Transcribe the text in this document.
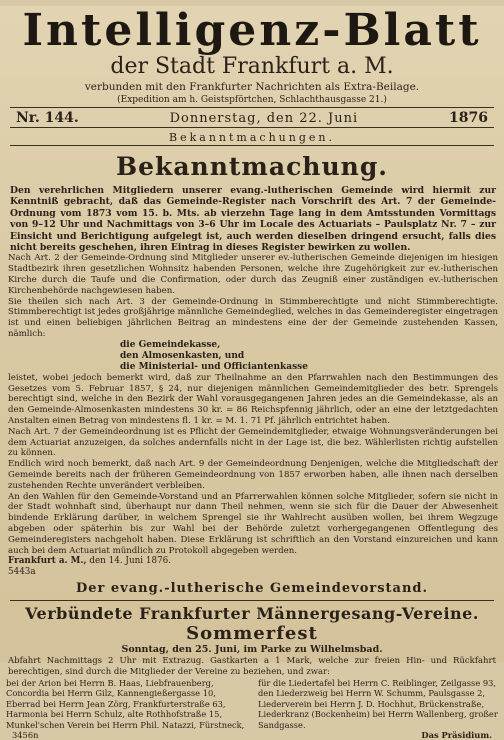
Intelligenz-Blatt
der Stadt Frankfurt a. M.
verbunden mit den Frankfurter Nachrichten als Extra-Beilage.
(Expedition am h. Geistspförtchen, Schlachthausgasse 21.)
Nr. 144.	Donnerstag, den 22. Juni	1876
Bekanntmachungen.
Bekanntmachung.
Den verehrlichen Mitgliedern unserer evang.-lutherischen Gemeinde wird hiermit zur Kenntniß gebracht, daß das Gemeinde-Register nach Vorschrift des Art. 7 der Gemeinde-Ordnung vom 1873 vom 15. b. Mts. ab vierzehn Tage lang in dem Amtsstunden Vormittags von 9–12 Uhr und Nachmittags von 3–6 Uhr im Locale des Actuariats – Paulsplatz Nr. 7 – zur Einsicht und Berichtigung aufgelegt ist, auch werden dieselben dringend ersucht, falls dies nicht bereits geschehen, ihren Eintrag in dieses Register bewirken zu wollen.
Nach Art. 2 der Gemeinde-Ordnung sind Mitglieder unserer ev.-lutherischen Gemeinde diejenigen im hiesigen Stadtbezirk ihren gesetzlichen Wohnsitz habenden Personen, welche ihre Zugehörigkeit zur ev.-lutherischen Kirche durch die Taufe und die Confirmation, oder durch das Zeugniß einer zuständigen ev.-lutherischen Kirchenbehörde nachgewiesen haben.
Sie theilen sich nach Art. 3 der Gemeinde-Ordnung in Stimmberechtigte und nicht Stimmberechtigte. Stimmberechtigt ist jedes großjährige männliche Gemeindeglied, welches in das Gemeinderegister eingetragen ist und einen beliebigen jährlichen Beitrag an mindestens eine der der Gemeinde zustehenden Kassen, nämlich:
die Gemeindekasse,
den Almosenkasten, und
die Ministerial- und Officiantenkasse
leistet, wobei jedoch bemerkt wird, daß zur Theilnahme an den Pfarrwahlen nach den Bestimmungen des Gesetzes vom 5. Februar 1857, § 24, nur diejenigen männlichen Gemeindemitglieder des betr. Sprengels berechtigt sind, welche in den Bezirk der Wahl vorausgegangenen Jahren jedes an die Gemeindekasse, als an den Gemeinde-Almosenkasten mindestens 30 kr. = 86 Reichspfennig jährlich, oder an eine der letztgedachten Anstalten einen Betrag von mindestens fl. 1 kr. = M. 1. 71 Pf. jährlich entrichtet haben.
Nach Art. 7 der Gemeindeordnung ist es Pflicht der Gemeindemitglieder, etwaige Wohnungsveränderungen bei dem Actuariat anzuzeigen, da solches andernfalls nicht in der Lage ist, die bez. Wählerlisten richtig aufstellen zu können.
Endlich wird noch bemerkt, daß nach Art. 9 der Gemeindeordnung Denjenigen, welche die Mitgliedschaft der Gemeinde bereits nach der früheren Gemeindeordnung von 1857 erworben haben, alle ihnen nach derselben zustehenden Rechte unverändert verbleiben.
An den Wahlen für den Gemeinde-Vorstand und an Pfarrerwahlen können solche Mitglieder, sofern sie nicht in der Stadt wohnhaft sind, überhaupt nur dann Theil nehmen, wenn sie sich für die Dauer der Abwesenheit bindende Erklärung darüber, in welchem Sprengel sie ihr Wahlrecht ausüben wollen, bei ihrem Wegzuge abgeben oder späterhin bis zur Wahl bei der Behörde zuletzt vorhergegangenen Offentlegung des Gemeinderegisters nachgeholt haben. Diese Erklärung ist schriftlich an den Vorstand einzureichen und kann auch bei dem Actuariat mündlich zu Protokoll abgegeben werden.
Frankfurt a. M., den 14. Juni 1876.
5443a
Der evang.-lutherische Gemeindevorstand.
Verbündete Frankfurter Männergesang-Vereine.
Sommerfest
Sonntag, den 25. Juni, im Parke zu Wilhelmsbad.
Abfahrt Nachmittags 2 Uhr mit Extrazug. Gastkarten a 1 Mark, welche zur freien Hin- und Rückfahrt berechtigen, sind durch die Mitglieder der Vereine zu beziehen, und zwar:
bei der Arion bei Herrn B. Haas, Liebfrauenberg,
Concordia bei Herrn Gilz, Kannengießergasse 10,
Eberrad bei Herrn Jean Zörg, Frankfurterstraße 63,
Harmonia bei Herrn Schulz, alte Rothhofstraße 15,
Munkel'schen Verein bei Herrn Phil. Natazzi, Fürstneck,
für die Liedertafel bei Herrn C. Reiblinger, Zeilgasse 93,
den Liederzweig bei Herrn W. Schumm, Paulsgasse 2,
Liederverein bei Herrn J. D. Hochhut, Brückenstraße,
Liederkranz (Bockenheim) bei Herrn Wallenberg, großer Sandgasse.
3456n	Das Präsidium.
